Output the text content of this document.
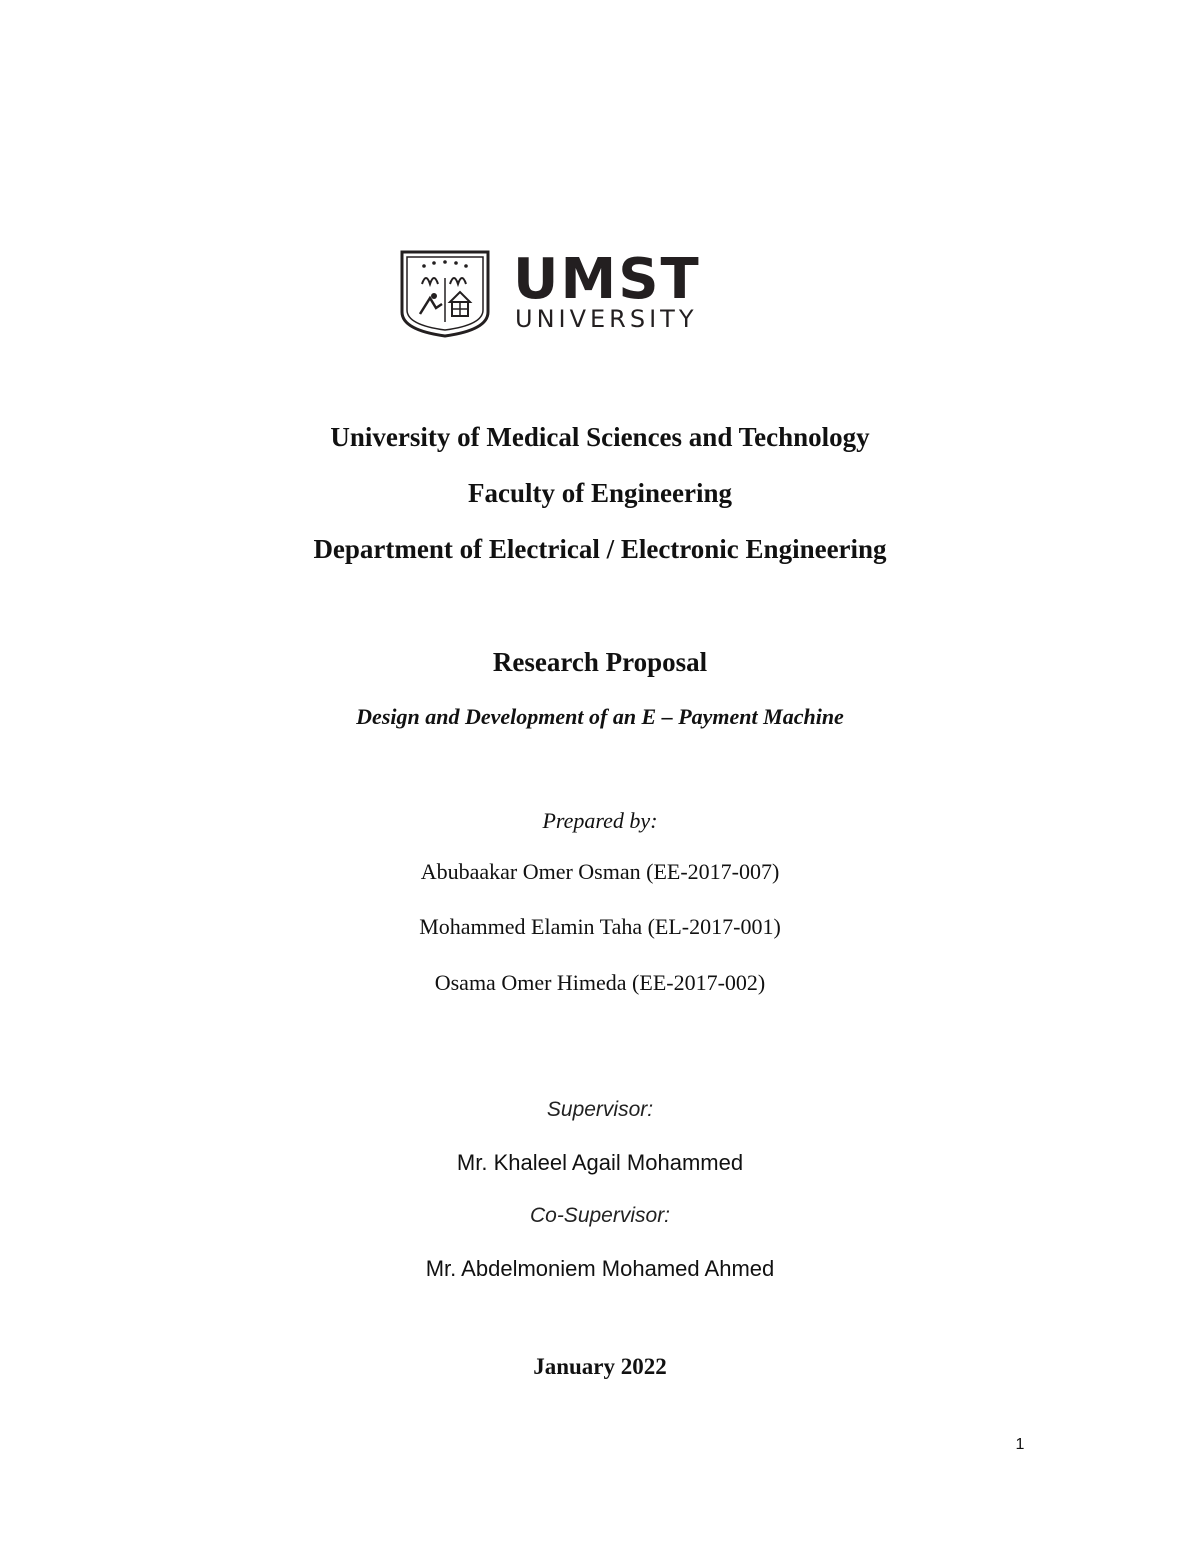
UMST
UNIVERSITY
University of Medical Sciences and Technology
Faculty of Engineering
Department of Electrical / Electronic Engineering
Research Proposal
Design and Development of an E – Payment Machine
Prepared by:
Abubaakar Omer Osman (EE-2017-007)
Mohammed Elamin Taha (EL-2017-001)
Osama Omer Himeda (EE-2017-002)
Supervisor:
Mr. Khaleel Agail Mohammed
Co-Supervisor:
Mr. Abdelmoniem Mohamed Ahmed
January 2022
1
